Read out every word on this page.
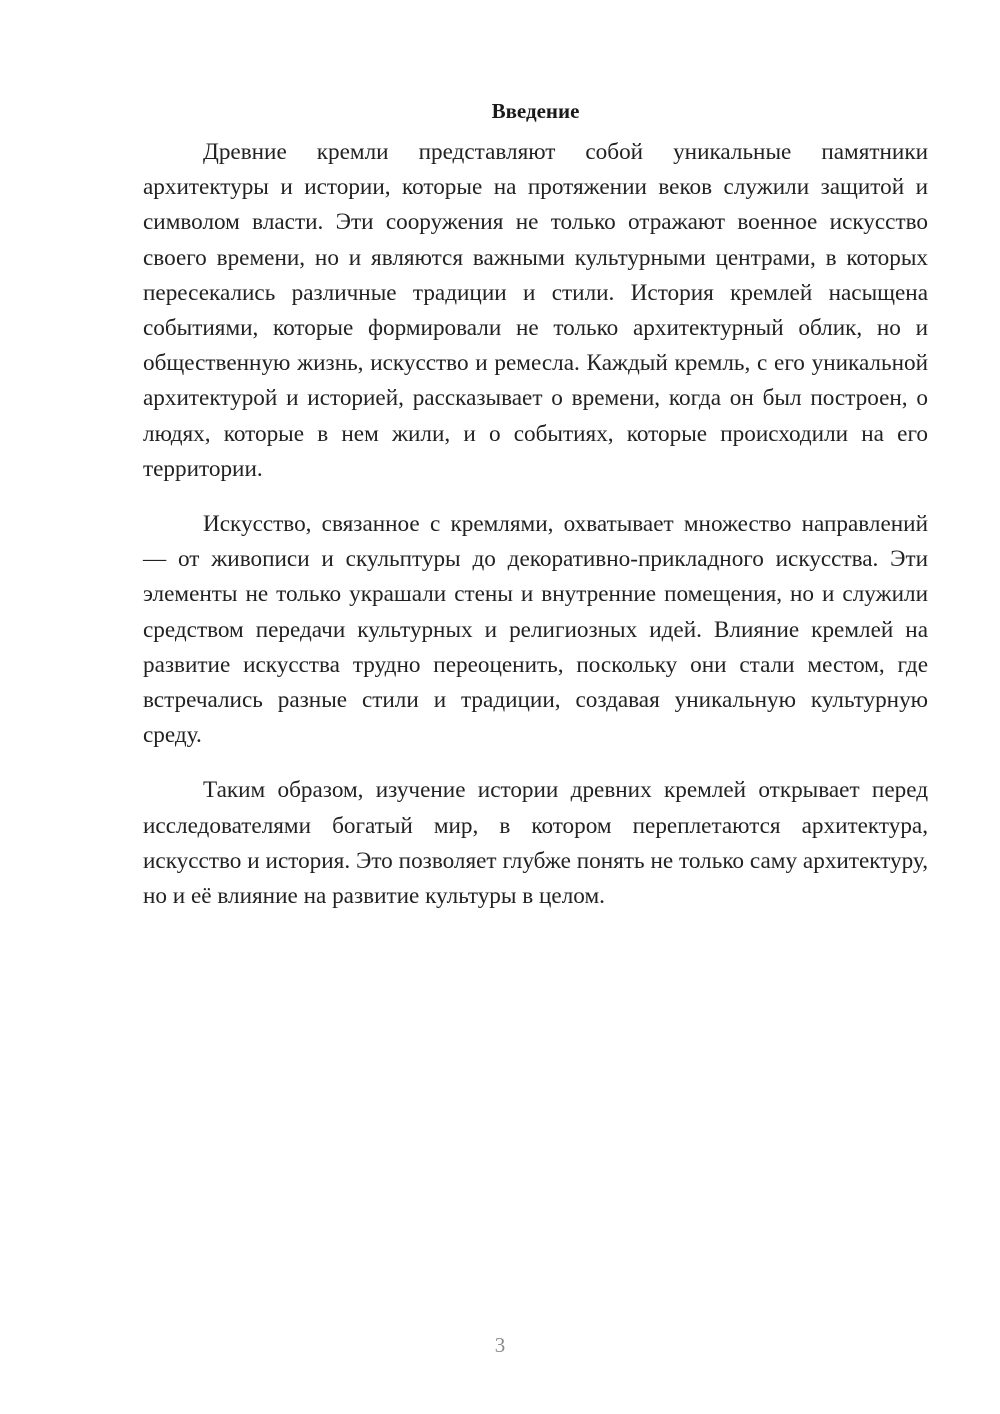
Введение

Древние кремли представляют собой уникальные памятники архитектуры и истории, которые на протяжении веков служили защитой и символом власти. Эти сооружения не только отражают военное искусство своего времени, но и являются важными культурными центрами, в которых пересекались различные традиции и стили. История кремлей насыщена событиями, которые формировали не только архитектурный облик, но и общественную жизнь, искусство и ремесла. Каждый кремль, с его уникальной архитектурой и историей, рассказывает о времени, когда он был построен, о людях, которые в нем жили, и о событиях, которые происходили на его территории.

Искусство, связанное с кремлями, охватывает множество направлений — от живописи и скульптуры до декоративно-прикладного искусства. Эти элементы не только украшали стены и внутренние помещения, но и служили средством передачи культурных и религиозных идей. Влияние кремлей на развитие искусства трудно переоценить, поскольку они стали местом, где встречались разные стили и традиции, создавая уникальную культурную среду.

Таким образом, изучение истории древних кремлей открывает перед исследователями богатый мир, в котором переплетаются архитектура, искусство и история. Это позволяет глубже понять не только саму архитектуру, но и её влияние на развитие культуры в целом.

3
